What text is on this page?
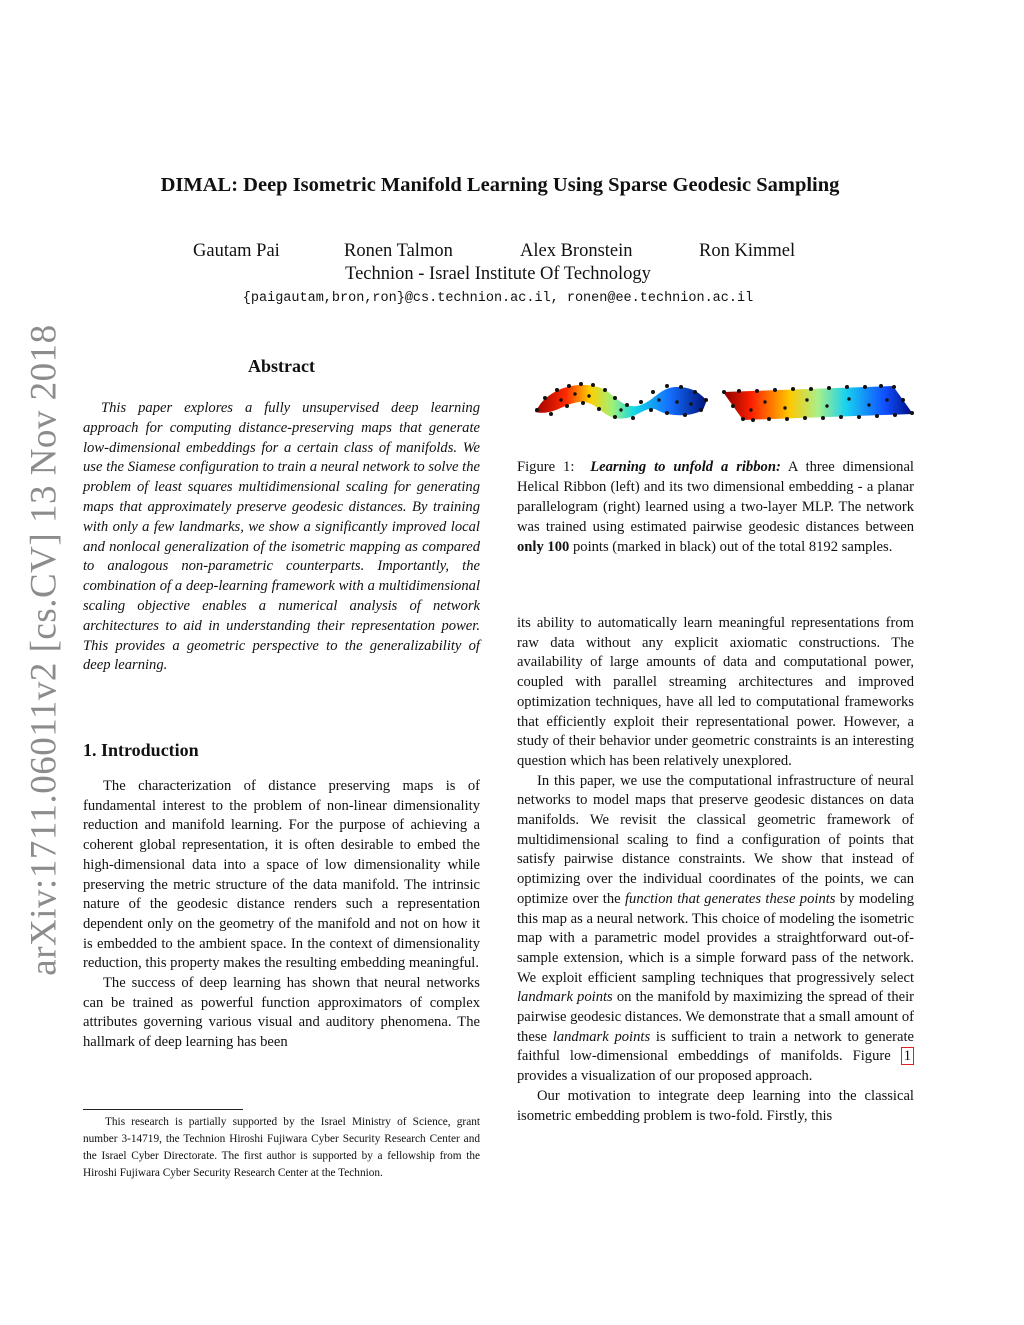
arXiv:1711.06011v2 [cs.CV] 13 Nov 2018
DIMAL: Deep Isometric Manifold Learning Using Sparse Geodesic Sampling
Gautam Pai	Ronen Talmon	Alex Bronstein	Ron Kimmel
Technion - Israel Institute Of Technology
{paigautam,bron,ron}@cs.technion.ac.il, ronen@ee.technion.ac.il
Abstract

This paper explores a fully unsupervised deep learning approach for computing distance-preserving maps that generate low-dimensional embeddings for a certain class of manifolds. We use the Siamese configuration to train a neural network to solve the problem of least squares multidimensional scaling for generating maps that approximately preserve geodesic distances. By training with only a few landmarks, we show a significantly improved local and nonlocal generalization of the isometric mapping as compared to analogous non-parametric counterparts. Importantly, the combination of a deep-learning framework with a multidimensional scaling objective enables a numerical analysis of network architectures to aid in understanding their representation power. This provides a geometric perspective to the generalizability of deep learning.

1. Introduction

The characterization of distance preserving maps is of fundamental interest to the problem of non-linear dimensionality reduction and manifold learning. For the purpose of achieving a coherent global representation, it is often desirable to embed the high-dimensional data into a space of low dimensionality while preserving the metric structure of the data manifold. The intrinsic nature of the geodesic distance renders such a representation dependent only on the geometry of the manifold and not on how it is embedded to the ambient space. In the context of dimensionality reduction, this property makes the resulting embedding meaningful.

The success of deep learning has shown that neural networks can be trained as powerful function approximators of complex attributes governing various visual and auditory phenomena. The hallmark of deep learning has been

This research is partially supported by the Israel Ministry of Science, grant number 3-14719, the Technion Hiroshi Fujiwara Cyber Security Research Center and the Israel Cyber Directorate. The first author is supported by a fellowship from the Hiroshi Fujiwara Cyber Security Research Center at the Technion.

Figure 1: Learning to unfold a ribbon: A three dimensional Helical Ribbon (left) and its two dimensional embedding - a planar parallelogram (right) learned using a two-layer MLP. The network was trained using estimated pairwise geodesic distances between only 100 points (marked in black) out of the total 8192 samples.

its ability to automatically learn meaningful representations from raw data without any explicit axiomatic constructions. The availability of large amounts of data and computational power, coupled with parallel streaming architectures and improved optimization techniques, have all led to computational frameworks that efficiently exploit their representational power. However, a study of their behavior under geometric constraints is an interesting question which has been relatively unexplored.

In this paper, we use the computational infrastructure of neural networks to model maps that preserve geodesic distances on data manifolds. We revisit the classical geometric framework of multidimensional scaling to find a configuration of points that satisfy pairwise distance constraints. We show that instead of optimizing over the individual coordinates of the points, we can optimize over the function that generates these points by modeling this map as a neural network. This choice of modeling the isometric map with a parametric model provides a straightforward out-of-sample extension, which is a simple forward pass of the network. We exploit efficient sampling techniques that progressively select landmark points on the manifold by maximizing the spread of their pairwise geodesic distances. We demonstrate that a small amount of these landmark points is sufficient to train a network to generate faithful low-dimensional embeddings of manifolds. Figure 1 provides a visualization of our proposed approach.

Our motivation to integrate deep learning into the classical isometric embedding problem is two-fold. Firstly, this
